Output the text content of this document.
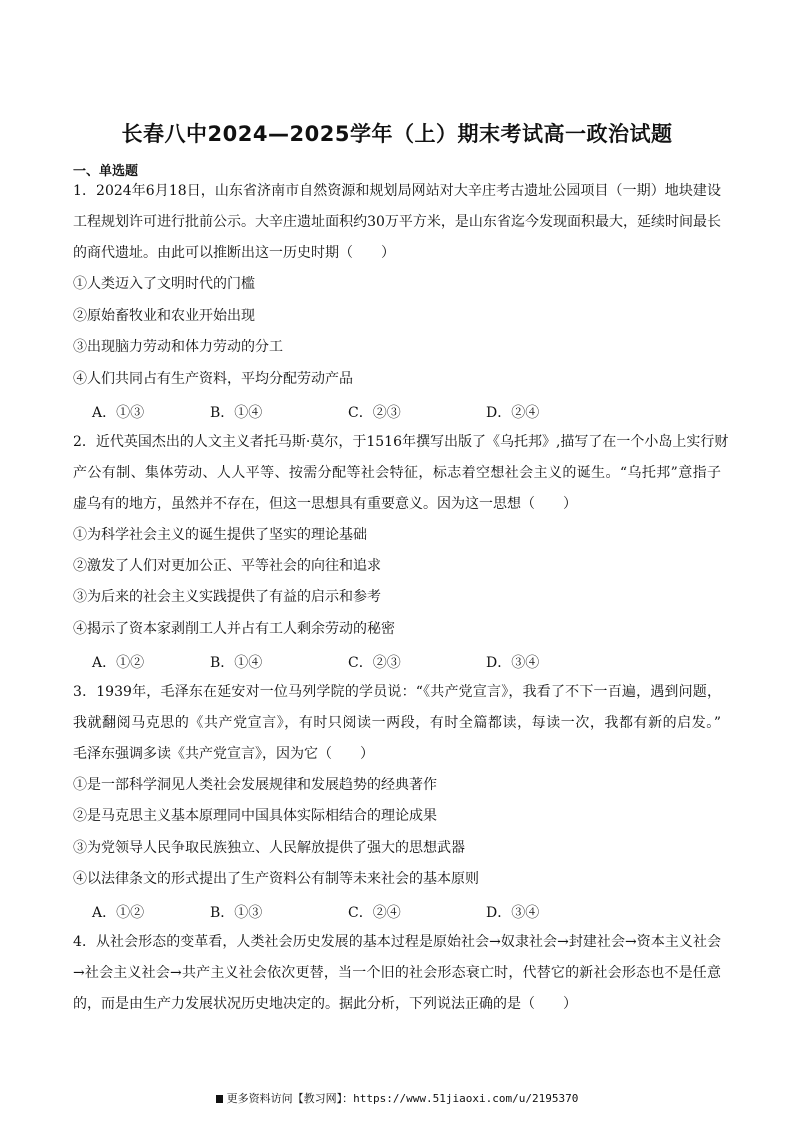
长春八中2024—2025学年（上）期末考试高一政治试题
一、单选题
1．2024年6月18日，山东省济南市自然资源和规划局网站对大辛庄考古遗址公园项目（一期）地块建设
工程规划许可进行批前公示。大辛庄遗址面积约30万平方米，是山东省迄今发现面积最大，延续时间最长
的商代遗址。由此可以推断出这一历史时期（　　）
①人类迈入了文明时代的门槛
②原始畜牧业和农业开始出现
③出现脑力劳动和体力劳动的分工
④人们共同占有生产资料，平均分配劳动产品
A．①③	B．①④	C．②③	D．②④
2．近代英国杰出的人文主义者托马斯·莫尔，于1516年撰写出版了《乌托邦》,描写了在一个小岛上实行财
产公有制、集体劳动、人人平等、按需分配等社会特征，标志着空想社会主义的诞生。“乌托邦”意指子
虚乌有的地方，虽然并不存在，但这一思想具有重要意义。因为这一思想（　　）
①为科学社会主义的诞生提供了坚实的理论基础
②激发了人们对更加公正、平等社会的向往和追求
③为后来的社会主义实践提供了有益的启示和参考
④揭示了资本家剥削工人并占有工人剩余劳动的秘密
A．①②	B．①④	C．②③	D．③④
3．1939年，毛泽东在延安对一位马列学院的学员说：“《共产党宣言》，我看了不下一百遍，遇到问题，
我就翻阅马克思的《共产党宣言》，有时只阅读一两段，有时全篇都读，每读一次，我都有新的启发。”
毛泽东强调多读《共产党宣言》，因为它（　　）
①是一部科学洞见人类社会发展规律和发展趋势的经典著作
②是马克思主义基本原理同中国具体实际相结合的理论成果
③为党领导人民争取民族独立、人民解放提供了强大的思想武器
④以法律条文的形式提出了生产资料公有制等未来社会的基本原则
A．①②	B．①③	C．②④	D．③④
4．从社会形态的变革看，人类社会历史发展的基本过程是原始社会→奴隶社会→封建社会→资本主义社会
→社会主义社会→共产主义社会依次更替，当一个旧的社会形态衰亡时，代替它的新社会形态也不是任意
的，而是由生产力发展状况历史地决定的。据此分析，下列说法正确的是（　　）
更多资料访问【教习网】：https://www.51jiaoxi.com/u/2195370
